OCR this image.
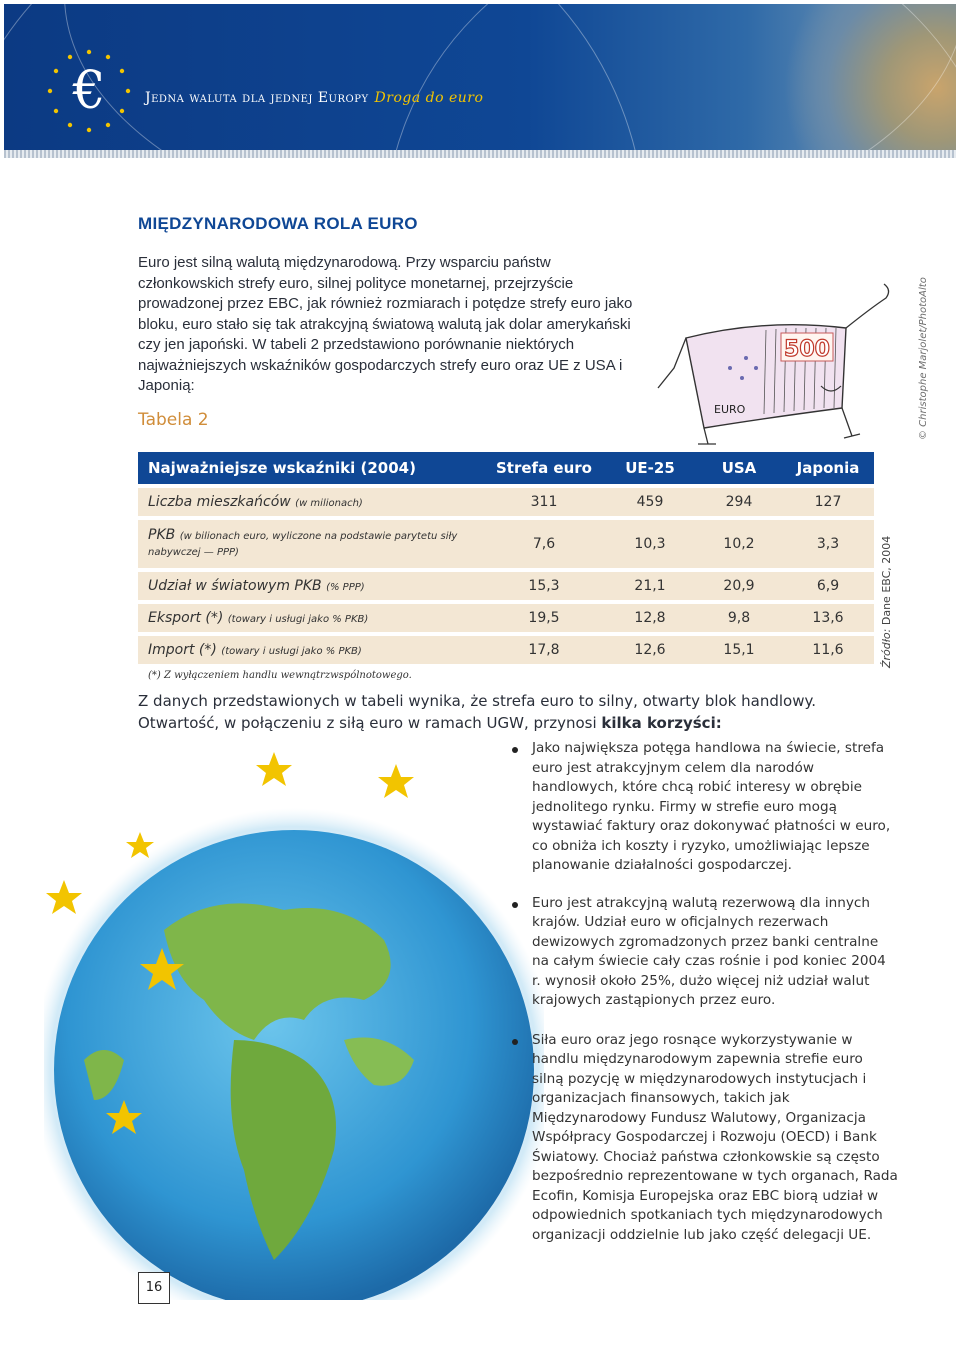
€	Jedna waluta dla jednej Europy Droga do euro
MIĘDZYNARODOWA ROLA EURO

Euro jest silną walutą międzynarodową. Przy wsparciu państw członkowskich strefy euro, silnej polityce monetarnej, przejrzyście prowadzonej przez EBC, jak również rozmiarach i potędze strefy euro jako bloku, euro stało się tak atrakcyjną światową walutą jak dolar amerykański czy jen japoński. W tabeli 2 przedstawiono porównanie niektórych najważniejszych wskaźników gospodarczych strefy euro oraz UE z USA i Japonią:

Tabela 2
500
EURO	© Christophe Marjolet/PhotoAlto
Najważniejsze wskaźniki (2004)	Strefa euro	UE-25	USA	Japonia
Liczba mieszkańców (w milionach)	311	459	294	127
PKB (w bilionach euro, wyliczone na podstawie parytetu siły nabywczej — PPP)
7,6	10,3	10,2	3,3
Udział w światowym PKB (% PPP)	15,3	21,1	20,9	6,9
Eksport (*) (towary i usługi jako % PKB)	19,5	12,8	9,8	13,6
Import (*) (towary i usługi jako % PKB)	17,8	12,6	15,1	11,6
(*) Z wyłączeniem handlu wewnątrzwspólnotowego.
Źródło: Dane EBC, 2004
Z danych przedstawionych w tabeli wynika, że strefa euro to silny, otwarty blok handlowy. Otwartość, w połączeniu z siłą euro w ramach UGW, przynosi kilka korzyści:
Jako największa potęga handlowa na świecie, strefa euro jest atrakcyjnym celem dla narodów handlowych, które chcą robić interesy w obrębie jednolitego rynku. Firmy w strefie euro mogą wystawiać faktury oraz dokonywać płatności w euro, co obniża ich koszty i ryzyko, umożliwiając lepsze planowanie działalności gospodarczej.
Euro jest atrakcyjną walutą rezerwową dla innych krajów. Udział euro w oficjalnych rezerwach dewizowych zgromadzonych przez banki centralne na całym świecie cały czas rośnie i pod koniec 2004 r. wynosił około 25%, dużo więcej niż udział walut krajowych zastąpionych przez euro.
Siła euro oraz jego rosnące wykorzystywanie w handlu międzynarodowym zapewnia strefie euro silną pozycję w międzynarodowych instytucjach i organizacjach finansowych, takich jak Międzynarodowy Fundusz Walutowy, Organizacja Współpracy Gospodarczej i Rozwoju (OECD) i Bank Światowy. Chociaż państwa członkowskie są często bezpośrednio reprezentowane w tych organach, Rada Ecofin, Komisja Europejska oraz EBC biorą udział w odpowiednich spotkaniach tych międzynarodowych organizacji oddzielnie lub jako część delegacji UE.
16
